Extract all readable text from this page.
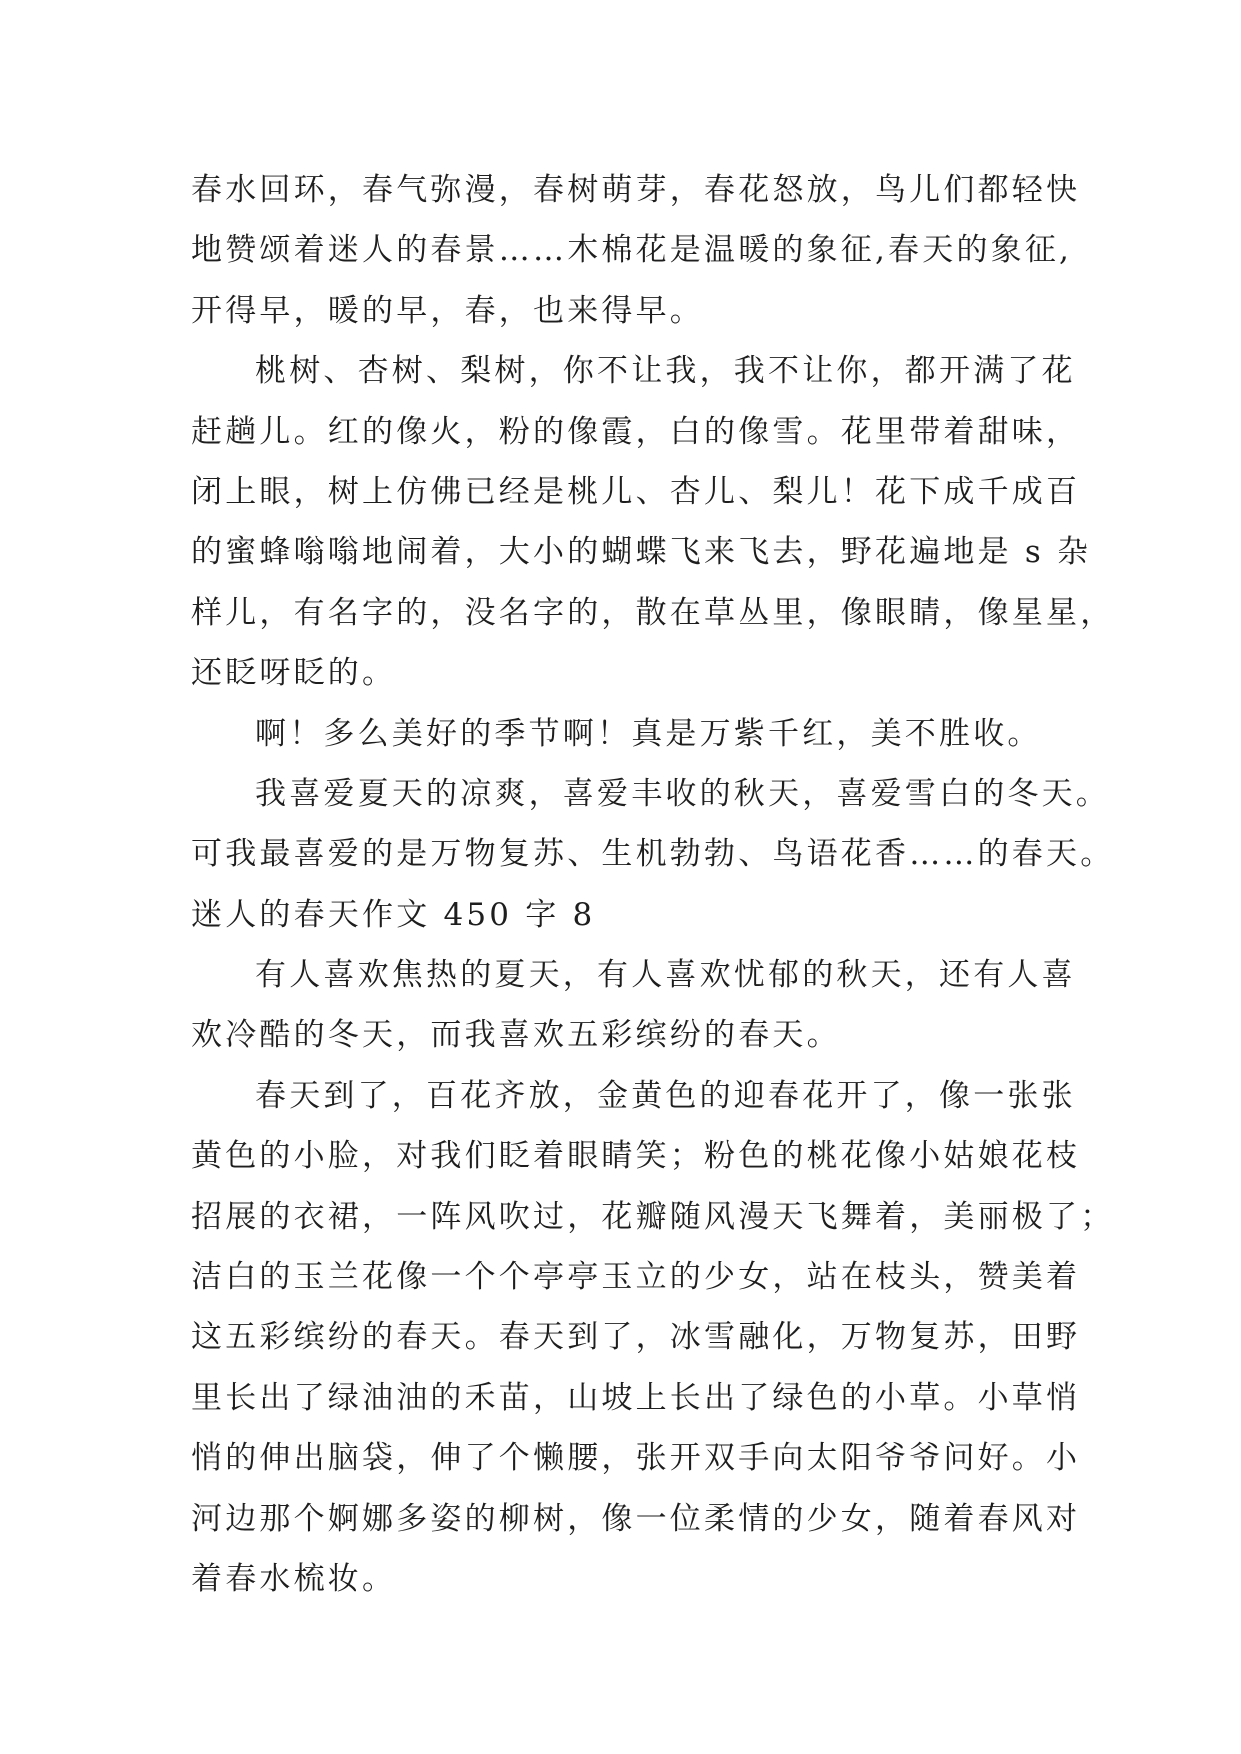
春水回环，春气弥漫，春树萌芽，春花怒放，鸟儿们都轻快
地赞颂着迷人的春景……木棉花是温暖的象征,春天的象征,
开得早，暖的早，春，也来得早。
桃树、杏树、梨树，你不让我，我不让你，都开满了花
赶趟儿。红的像火，粉的像霞，白的像雪。花里带着甜味，
闭上眼，树上仿佛已经是桃儿、杏儿、梨儿！花下成千成百
的蜜蜂嗡嗡地闹着，大小的蝴蝶飞来飞去，野花遍地是 s 杂
样儿，有名字的，没名字的，散在草丛里，像眼睛，像星星，
还眨呀眨的。
啊！多么美好的季节啊！真是万紫千红，美不胜收。
我喜爱夏天的凉爽，喜爱丰收的秋天，喜爱雪白的冬天。
可我最喜爱的是万物复苏、生机勃勃、鸟语花香……的春天。
迷人的春天作文 450 字 8
有人喜欢焦热的夏天，有人喜欢忧郁的秋天，还有人喜
欢冷酷的冬天，而我喜欢五彩缤纷的春天。
春天到了，百花齐放，金黄色的迎春花开了，像一张张
黄色的小脸，对我们眨着眼睛笑；粉色的桃花像小姑娘花枝
招展的衣裙，一阵风吹过，花瓣随风漫天飞舞着，美丽极了；
洁白的玉兰花像一个个亭亭玉立的少女，站在枝头，赞美着
这五彩缤纷的春天。春天到了，冰雪融化，万物复苏，田野
里长出了绿油油的禾苗，山坡上长出了绿色的小草。小草悄
悄的伸出脑袋，伸了个懒腰，张开双手向太阳爷爷问好。小
河边那个婀娜多姿的柳树，像一位柔情的少女，随着春风对
着春水梳妆。
